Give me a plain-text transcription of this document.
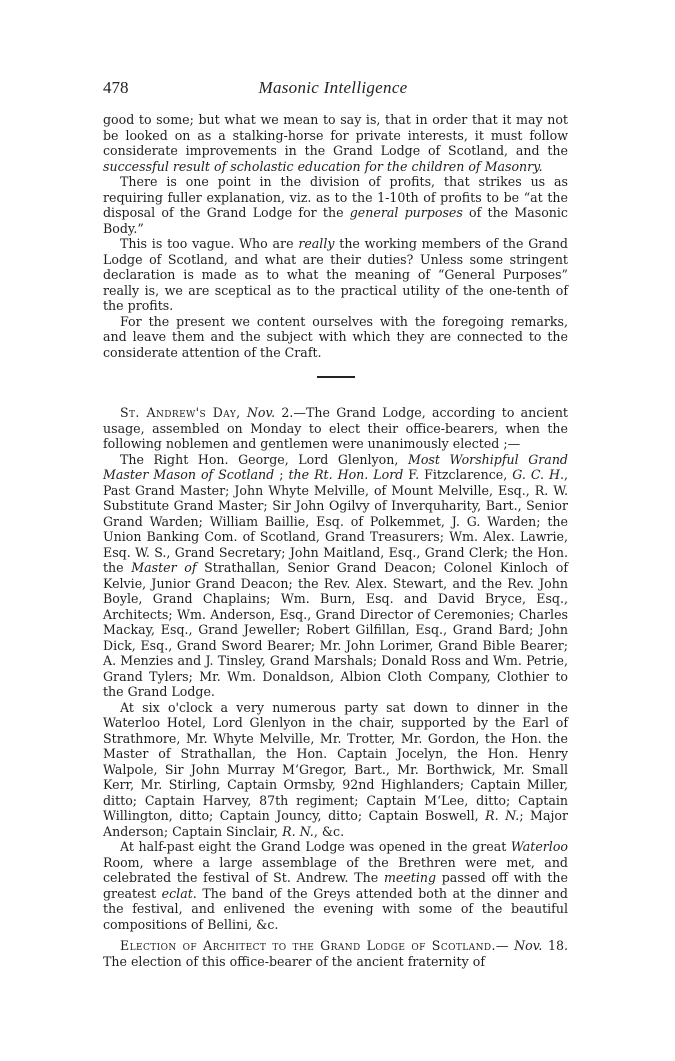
478	Masonic Intelligence

good to some; but what we mean to say is, that in order that it may not be looked on as a stalking-horse for private interests, it must follow considerate improvements in the Grand Lodge of Scotland, and the successful result of scholastic education for the children of Masonry.

There is one point in the division of profits, that strikes us as requiring fuller explanation, viz. as to the 1-10th of profits to be “at the disposal of the Grand Lodge for the general purposes of the Masonic Body.”

This is too vague. Who are really the working members of the Grand Lodge of Scotland, and what are their duties? Unless some stringent declaration is made as to what the meaning of “General Purposes” really is, we are sceptical as to the practical utility of the one-tenth of the profits.

For the present we content ourselves with the foregoing remarks, and leave them and the subject with which they are connected to the considerate attention of the Craft.

St. Andrew's Day, Nov. 2.—The Grand Lodge, according to ancient usage, assembled on Monday to elect their office-bearers, when the following noblemen and gentlemen were unanimously elected ;—

The Right Hon. George, Lord Glenlyon, Most Worshipful Grand Master Mason of Scotland ; the Rt. Hon. Lord F. Fitzclarence, G. C. H., Past Grand Master; John Whyte Melville, of Mount Melville, Esq., R. W. Substitute Grand Master; Sir John Ogilvy of Inverquharity, Bart., Senior Grand Warden; William Baillie, Esq. of Polkemmet, J. G. Warden; the Union Banking Com. of Scotland, Grand Treasurers; Wm. Alex. Lawrie, Esq. W. S., Grand Secretary; John Maitland, Esq., Grand Clerk; the Hon. the Master of Strathallan, Senior Grand Deacon; Colonel Kinloch of Kelvie, Junior Grand Deacon; the Rev. Alex. Stewart, and the Rev. John Boyle, Grand Chaplains; Wm. Burn, Esq. and David Bryce, Esq., Architects; Wm. Anderson, Esq., Grand Director of Ceremonies; Charles Mackay, Esq., Grand Jeweller; Robert Gilfillan, Esq., Grand Bard; John Dick, Esq., Grand Sword Bearer; Mr. John Lorimer, Grand Bible Bearer; A. Menzies and J. Tinsley, Grand Marshals; Donald Ross and Wm. Petrie, Grand Tylers; Mr. Wm. Donaldson, Albion Cloth Company, Clothier to the Grand Lodge.

At six o'clock a very numerous party sat down to dinner in the Waterloo Hotel, Lord Glenlyon in the chair, supported by the Earl of Strathmore, Mr. Whyte Melville, Mr. Trotter, Mr. Gordon, the Hon. the Master of Strathallan, the Hon. Captain Jocelyn, the Hon. Henry Walpole, Sir John Murray M‘Gregor, Bart., Mr. Borthwick, Mr. Small Kerr, Mr. Stirling, Captain Ormsby, 92nd Highlanders; Captain Miller, ditto; Captain Harvey, 87th regiment; Captain M‘Lee, ditto; Captain Willington, ditto; Captain Jouncy, ditto; Captain Boswell, R. N.; Major Anderson; Captain Sinclair, R. N., &c.

At half-past eight the Grand Lodge was opened in the great Waterloo Room, where a large assemblage of the Brethren were met, and celebrated the festival of St. Andrew. The meeting passed off with the greatest eclat. The band of the Greys attended both at the dinner and the festival, and enlivened the evening with some of the beautiful compositions of Bellini, &c.

Election of Architect to the Grand Lodge of Scotland.— Nov. 18. The election of this office-bearer of the ancient fraternity of
